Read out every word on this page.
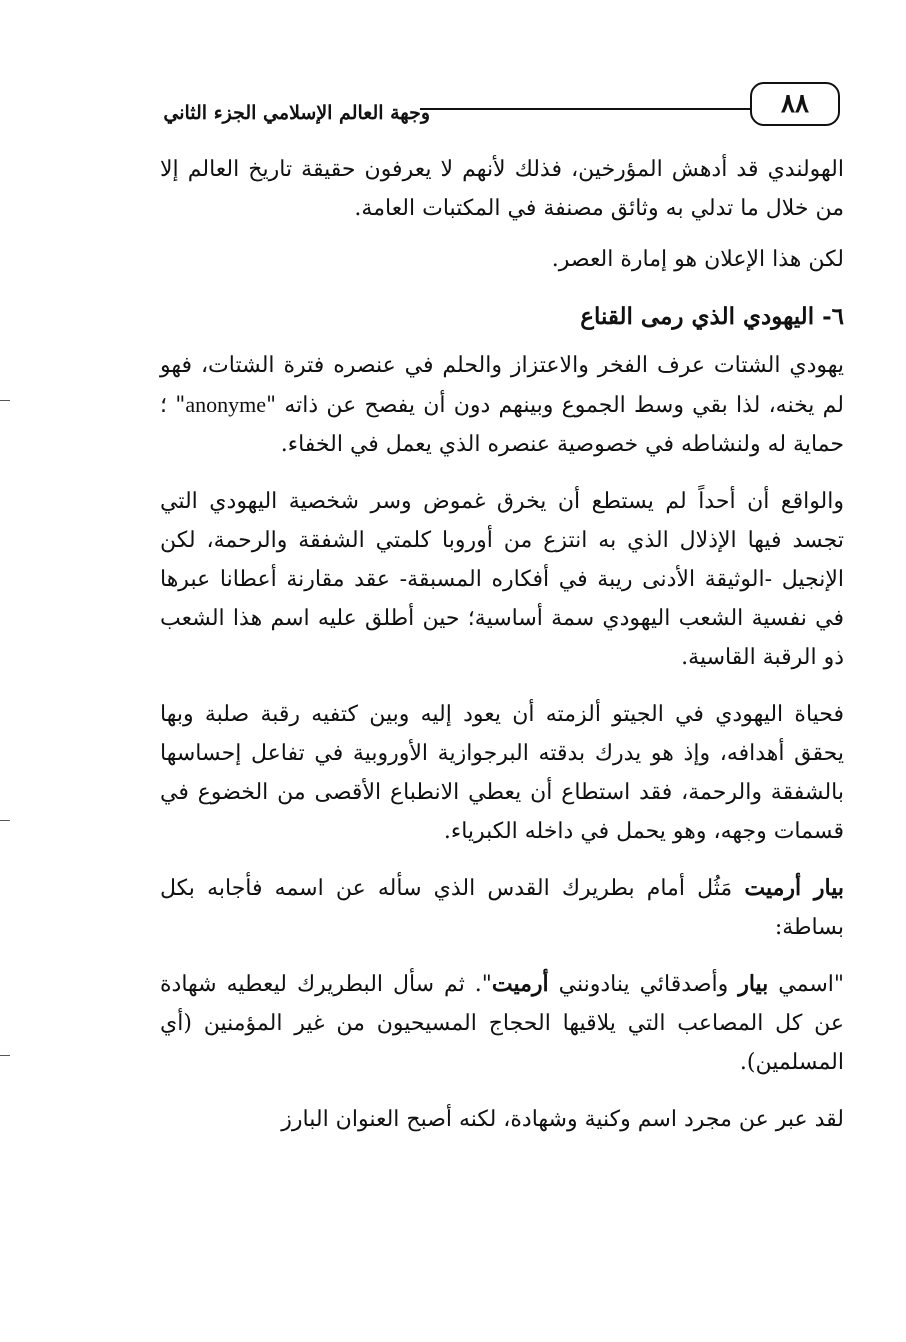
٨٨
وجهة العالم الإسلامي الجزء الثاني

الهولندي قد أدهش المؤرخين، فذلك لأنهم لا يعرفون حقيقة تاريخ العالم إلا من خلال ما تدلي به وثائق مصنفة في المكتبات العامة.

لكن هذا الإعلان هو إمارة العصر.

٦- اليهودي الذي رمى القناع

يهودي الشتات عرف الفخر والاعتزاز والحلم في عنصره فترة الشتات، فهو لم يخنه، لذا بقي وسط الجموع وبينهم دون أن يفصح عن ذاته "anonyme" ؛ حماية له ولنشاطه في خصوصية عنصره الذي يعمل في الخفاء.

والواقع أن أحداً لم يستطع أن يخرق غموض وسر شخصية اليهودي التي تجسد فيها الإذلال الذي به انتزع من أوروبا كلمتي الشفقة والرحمة، لكن الإنجيل -الوثيقة الأدنى ريبة في أفكاره المسبقة- عقد مقارنة أعطانا عبرها في نفسية الشعب اليهودي سمة أساسية؛ حين أطلق عليه اسم هذا الشعب ذو الرقبة القاسية.

فحياة اليهودي في الجيتو ألزمته أن يعود إليه وبين كتفيه رقبة صلبة وبها يحقق أهدافه، وإذ هو يدرك بدقته البرجوازية الأوروبية في تفاعل إحساسها بالشفقة والرحمة، فقد استطاع أن يعطي الانطباع الأقصى من الخضوع في قسمات وجهه، وهو يحمل في داخله الكبرياء.

بيار أرميت مَثُل أمام بطريرك القدس الذي سأله عن اسمه فأجابه بكل بساطة:

"اسمي بيار وأصدقائي ينادونني أرميت". ثم سأل البطريرك ليعطيه شهادة عن كل المصاعب التي يلاقيها الحجاج المسيحيون من غير المؤمنين (أي المسلمين).

لقد عبر عن مجرد اسم وكنية وشهادة، لكنه أصبح العنوان البارز
